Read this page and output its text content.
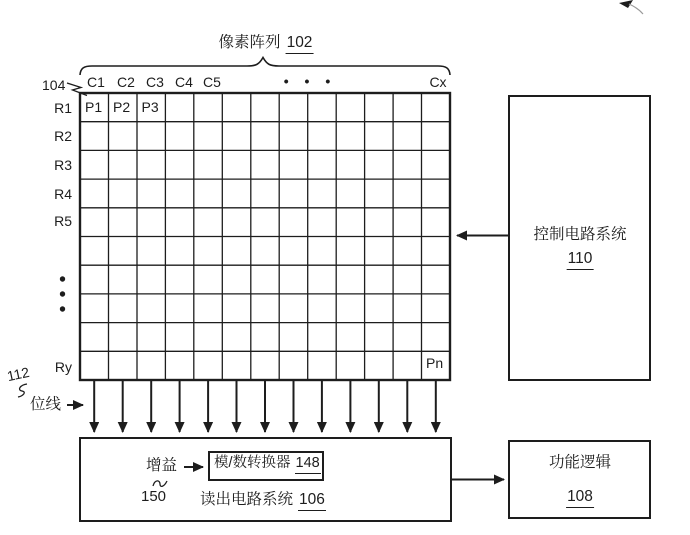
像素阵列 102
104 C1 C2 C3 C4 C5	• • •	Cx
R1
R2
R3
R4
R5
Ry
P1 P2 P3
Pn
112
位线
增益
150
模/数转换器 148
读出电路系统 106
控制电路系统
110
功能逻辑
108
